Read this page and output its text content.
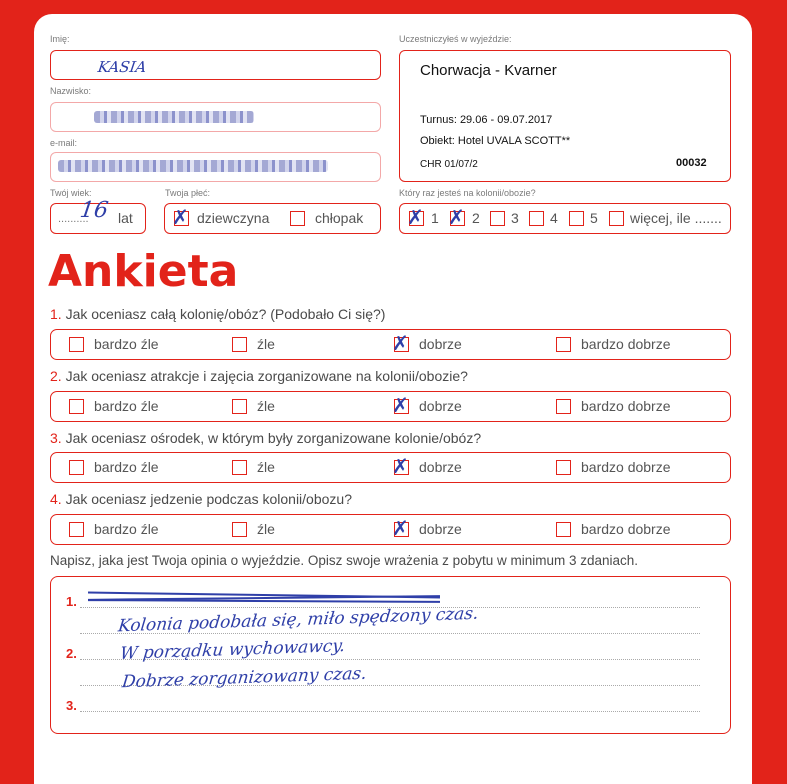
Imię:
KASIA
Nazwisko:
e-mail:
Twój wiek:
..........
16 lat
Twoja płeć:
✗ dziewczyna	chłopak
Uczestniczyłeś w wyjeździe:
Chorwacja - Kvarner
Turnus: 29.06 - 09.07.2017
Obiekt: Hotel UVALA SCOTT**
CHR 01/07/2	00032
Który raz jesteś na kolonii/obozie?
✗ 1 ✗ 2 3 4 5 więcej, ile .......
Ankieta
1. Jak oceniasz całą kolonię/obóz? (Podobało Ci się?)
2. Jak oceniasz atrakcje i zajęcia zorganizowane na kolonii/obozie?
3. Jak oceniasz ośrodek, w którym były zorganizowane kolonie/obóz?
4. Jak oceniasz jedzenie podczas kolonii/obozu?
bardzo źle	źle	✗ dobrze	bardzo dobrze
bardzo źle	źle	✗ dobrze	bardzo dobrze
bardzo źle	źle	✗ dobrze	bardzo dobrze
bardzo źle	źle	✗ dobrze	bardzo dobrze
Napisz, jaka jest Twoja opinia o wyjeździe. Opisz swoje wrażenia z pobytu w minimum 3 zdaniach.
1.
2.
3.
Kolonia podobała się, miło spędzony czas.
W porządku wychowawcy.
Dobrze zorganizowany czas.
